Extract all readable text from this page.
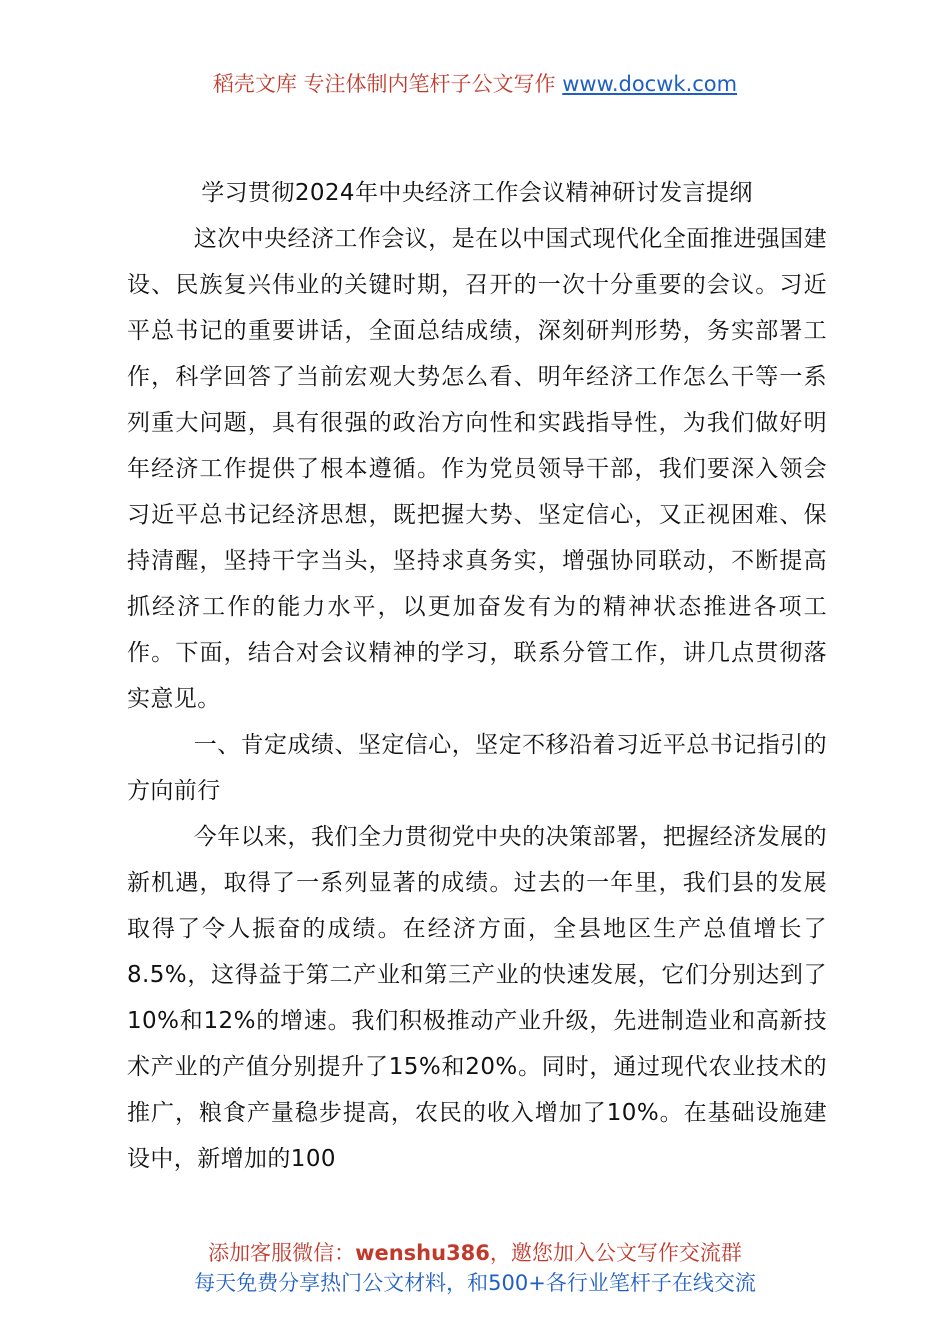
稻壳文库 专注体制内笔杆子公文写作 www.docwk.com
学习贯彻2024年中央经济工作会议精神研讨发言提纲

这次中央经济工作会议，是在以中国式现代化全面推进强国建设、民族复兴伟业的关键时期，召开的一次十分重要的会议。习近平总书记的重要讲话，全面总结成绩，深刻研判形势，务实部署工作，科学回答了当前宏观大势怎么看、明年经济工作怎么干等一系列重大问题，具有很强的政治方向性和实践指导性，为我们做好明年经济工作提供了根本遵循。作为党员领导干部，我们要深入领会习近平总书记经济思想，既把握大势、坚定信心，又正视困难、保持清醒，坚持干字当头，坚持求真务实，增强协同联动，不断提高抓经济工作的能力水平，以更加奋发有为的精神状态推进各项工作。下面，结合对会议精神的学习，联系分管工作，讲几点贯彻落实意见。

一、肯定成绩、坚定信心，坚定不移沿着习近平总书记指引的方向前行

今年以来，我们全力贯彻党中央的决策部署，把握经济发展的新机遇，取得了一系列显著的成绩。过去的一年里，我们县的发展取得了令人振奋的成绩。在经济方面，全县地区生产总值增长了8.5%，这得益于第二产业和第三产业的快速发展，它们分别达到了10%和12%的增速。我们积极推动产业升级，先进制造业和高新技术产业的产值分别提升了15%和20%。同时，通过现代农业技术的推广，粮食产量稳步提高，农民的收入增加了10%。在基础设施建设中，新增加的100

添加客服微信：wenshu386，邀您加入公文写作交流群
每天免费分享热门公文材料，和500+各行业笔杆子在线交流
